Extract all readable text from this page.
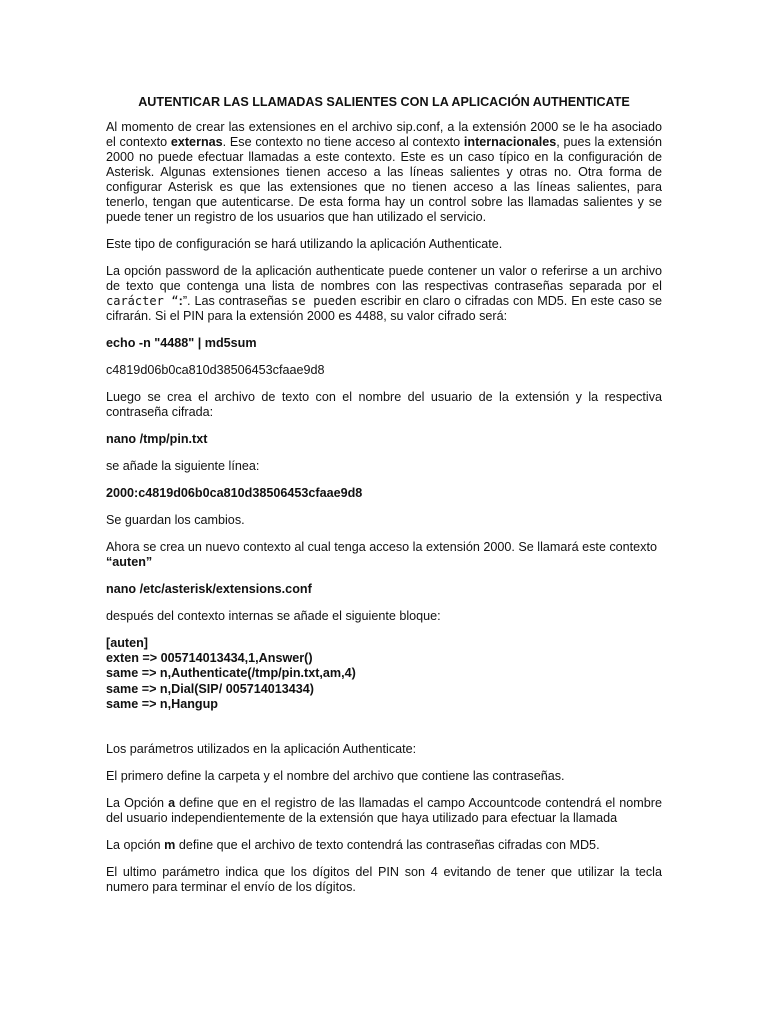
AUTENTICAR LAS LLAMADAS SALIENTES CON LA APLICACIÓN AUTHENTICATE

Al momento de crear las extensiones en el archivo sip.conf, a la extensión 2000 se le ha asociado el contexto externas. Ese contexto no tiene acceso al contexto internacionales, pues la extensión 2000 no puede efectuar llamadas a este contexto. Este es un caso típico en la configuración de Asterisk. Algunas extensiones tienen acceso a las líneas salientes y otras no. Otra forma de configurar Asterisk es que las extensiones que no tienen acceso a las líneas salientes, para tenerlo, tengan que autenticarse. De esta forma hay un control sobre las llamadas salientes y se puede tener un registro de los usuarios que han utilizado el servicio.

Este tipo de configuración se hará utilizando la aplicación Authenticate.

La opción password de la aplicación authenticate puede contener un valor o referirse a un archivo de texto que contenga una lista de nombres con las respectivas contraseñas separada por el carácter “:”. Las contraseñas se pueden escribir en claro o cifradas con MD5. En este caso se cifrarán. Si el PIN para la extensión 2000 es 4488, su valor cifrado será:

echo -n "4488" | md5sum
c4819d06b0ca810d38506453cfaae9d8

Luego se crea el archivo de texto con el nombre del usuario de la extensión y la respectiva contraseña cifrada:

nano /tmp/pin.txt

se añade la siguiente línea:

2000:c4819d06b0ca810d38506453cfaae9d8

Se guardan los cambios.

Ahora se crea un nuevo contexto al cual tenga acceso la extensión 2000. Se llamará este contexto “auten”

nano /etc/asterisk/extensions.conf

después del contexto internas se añade el siguiente bloque:

[auten]
exten => 005714013434,1,Answer()
same => n,Authenticate(/tmp/pin.txt,am,4)
same => n,Dial(SIP/ 005714013434)
same => n,Hangup

Los parámetros utilizados en la aplicación Authenticate:

El primero define la carpeta y el nombre del archivo que contiene las contraseñas.

La Opción a define que en el registro de las llamadas el campo Accountcode contendrá el nombre del usuario independientemente de la extensión que haya utilizado para efectuar la llamada

La opción m define que el archivo de texto contendrá las contraseñas cifradas con MD5.

El ultimo parámetro indica que los dígitos del PIN son 4 evitando de tener que utilizar la tecla numero para terminar el envío de los dígitos.
